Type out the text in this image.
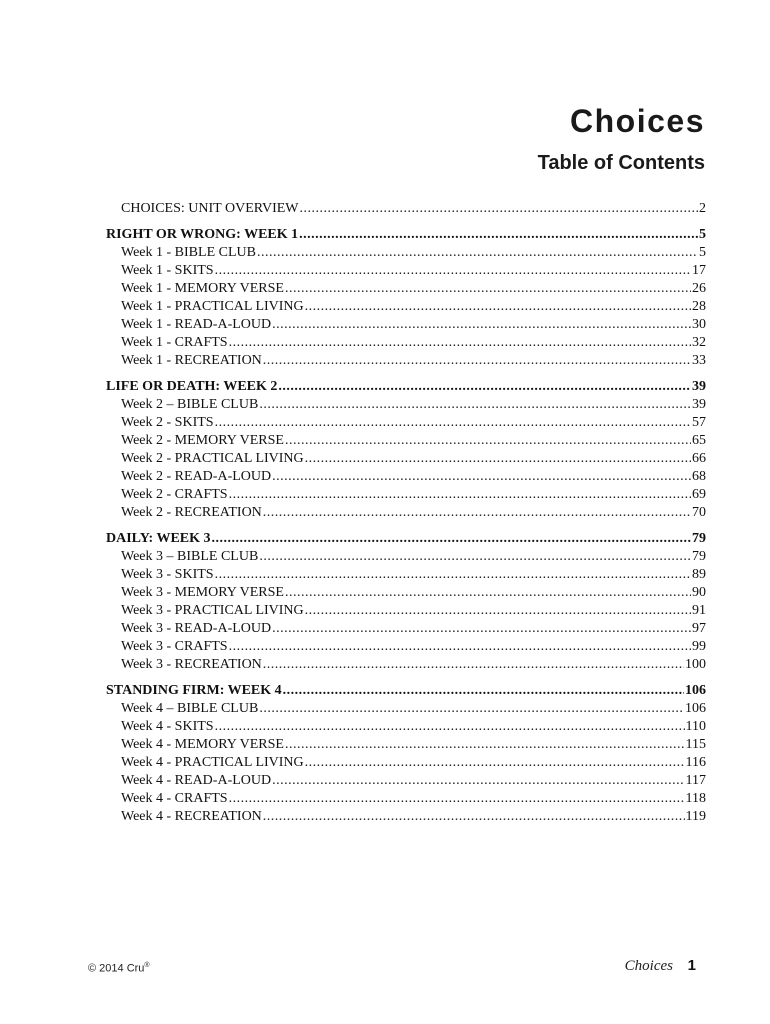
Choices
Table of Contents
CHOICES: UNIT OVERVIEW .....	2
RIGHT OR WRONG: WEEK 1 .....	5
Week 1 - BIBLE CLUB .....	5
Week 1 - SKITS .....	17
Week 1 - MEMORY VERSE .....	26
Week 1 - PRACTICAL LIVING .....	28
Week 1 - READ-A-LOUD .....	30
Week 1 - CRAFTS .....	32
Week 1 - RECREATION .....	33
LIFE OR DEATH: WEEK 2 .....	39
Week 2 – BIBLE CLUB .....	39
Week 2 - SKITS .....	57
Week 2 - MEMORY VERSE .....	65
Week 2 - PRACTICAL LIVING .....	66
Week 2 - READ-A-LOUD .....	68
Week 2 - CRAFTS .....	69
Week 2 - RECREATION .....	70
DAILY: WEEK 3 .....	79
Week 3 – BIBLE CLUB .....	79
Week 3 - SKITS .....	89
Week 3 - MEMORY VERSE .....	90
Week 3 - PRACTICAL LIVING .....	91
Week 3 - READ-A-LOUD .....	97
Week 3 - CRAFTS .....	99
Week 3 - RECREATION .....	100
STANDING FIRM: WEEK 4 .....	106
Week 4 – BIBLE CLUB .....	106
Week 4 - SKITS .....	110
Week 4 - MEMORY VERSE .....	115
Week 4 - PRACTICAL LIVING .....	116
Week 4 - READ-A-LOUD .....	117
Week 4 - CRAFTS .....	118
Week 4 - RECREATION .....	119
© 2014 Cru®	Choices 1
